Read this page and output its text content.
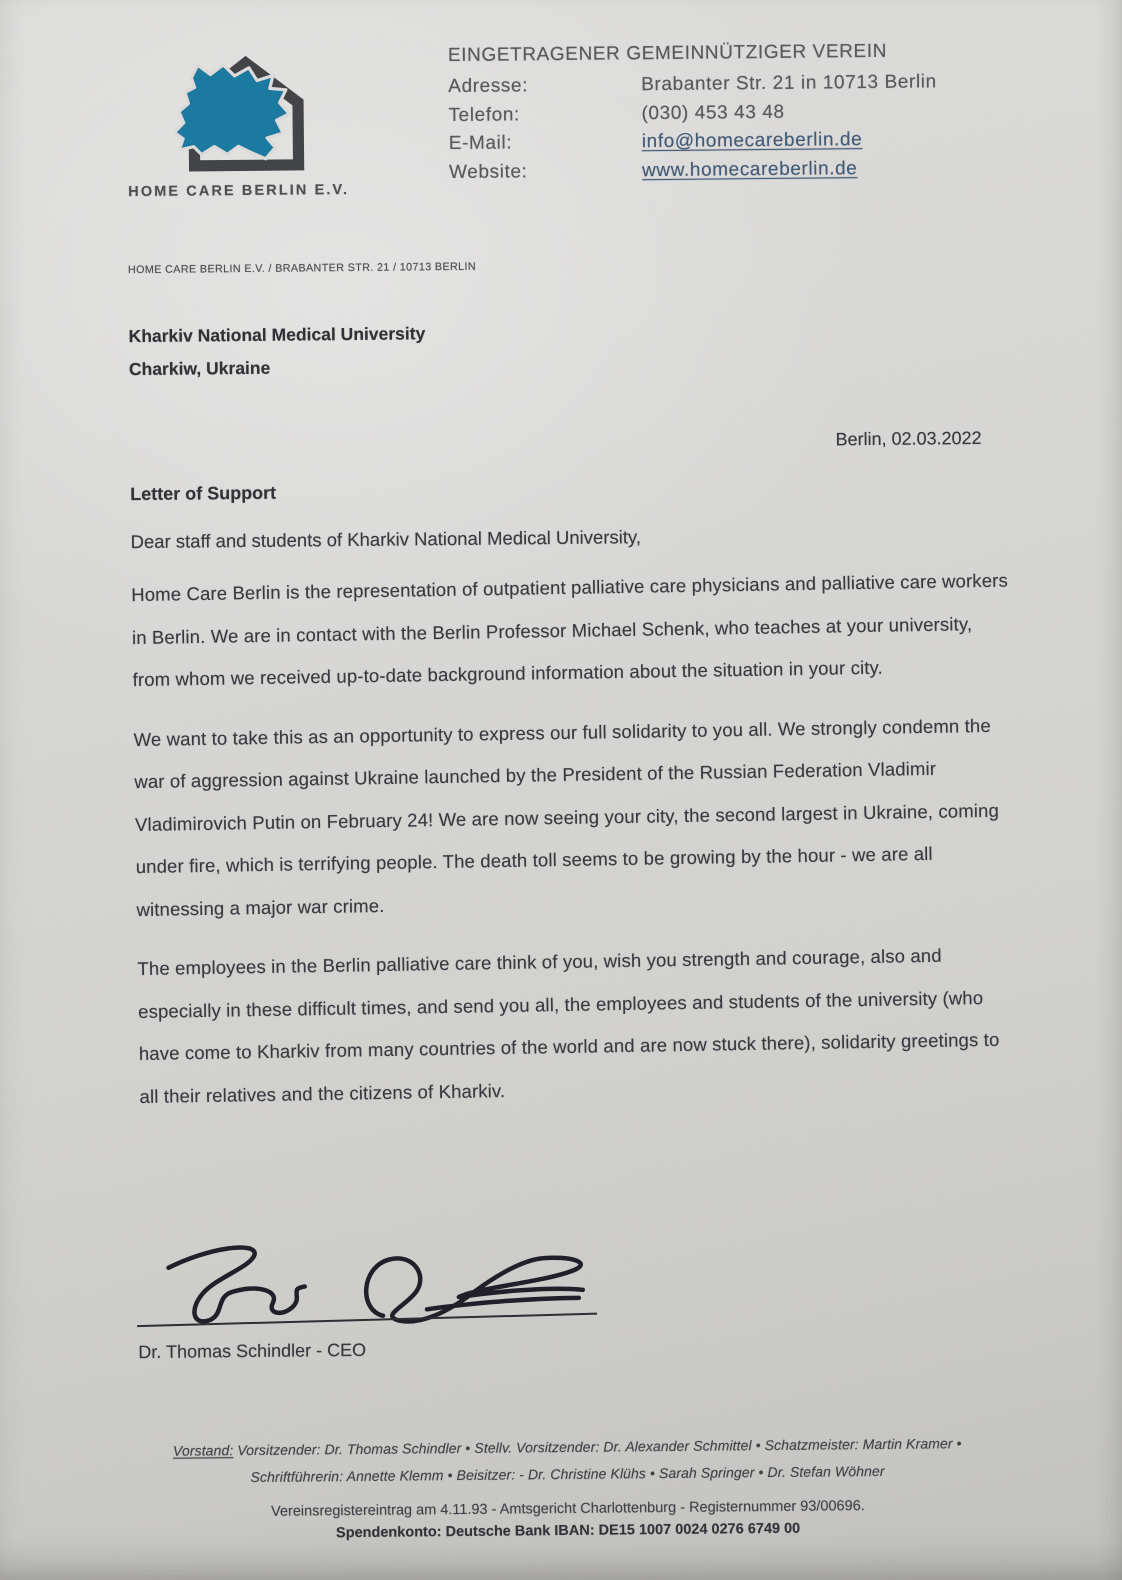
HOME CARE BERLIN E.V.
EINGETRAGENER GEMEINNÜTZIGER VEREIN
Adresse:	Brabanter Str. 21 in 10713 Berlin
Telefon:	(030) 453 43 48
E-Mail:	info@homecareberlin.de
Website:	www.homecareberlin.de
HOME CARE BERLIN E.V. / BRABANTER STR. 21 / 10713 BERLIN
Kharkiv National Medical University
Charkiw, Ukraine
Berlin, 02.03.2022
Letter of Support
Dear staff and students of Kharkiv National Medical University,

Home Care Berlin is the representation of outpatient palliative care physicians and palliative care workers in Berlin. We are in contact with the Berlin Professor Michael Schenk, who teaches at your university, from whom we received up-to-date background information about the situation in your city.

We want to take this as an opportunity to express our full solidarity to you all. We strongly condemn the war of aggression against Ukraine launched by the President of the Russian Federation Vladimir Vladimirovich Putin on February 24! We are now seeing your city, the second largest in Ukraine, coming under fire, which is terrifying people. The death toll seems to be growing by the hour - we are all witnessing a major war crime.

The employees in the Berlin palliative care think of you, wish you strength and courage, also and especially in these difficult times, and send you all, the employees and students of the university (who have come to Kharkiv from many countries of the world and are now stuck there), solidarity greetings to all their relatives and the citizens of Kharkiv.

Dr. Thomas Schindler - CEO
Vorstand: Vorsitzender: Dr. Thomas Schindler • Stellv. Vorsitzender: Dr. Alexander Schmittel • Schatzmeister: Martin Kramer •
Schriftführerin: Annette Klemm • Beisitzer: - Dr. Christine Klühs • Sarah Springer • Dr. Stefan Wöhner
Vereinsregistereintrag am 4.11.93 - Amtsgericht Charlottenburg - Registernummer 93/00696.
Spendenkonto: Deutsche Bank IBAN: DE15 1007 0024 0276 6749 00
